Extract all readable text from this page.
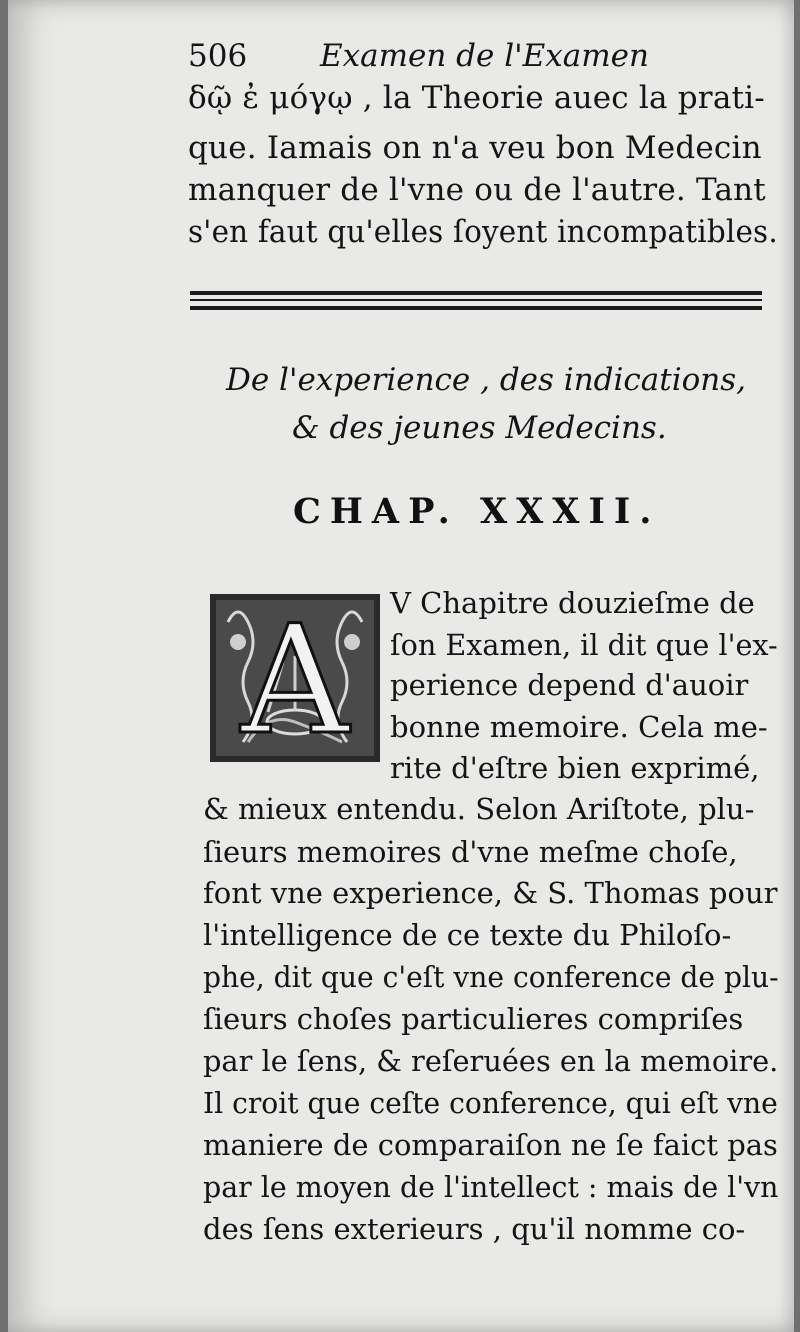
506 Examen de l'Examen
δῷ ἐ μόγῳ , la Theorie auec la prati-
que. Iamais on n'a veu bon Medecin
manquer de l'vne ou de l'autre. Tant
s'en faut qu'elles ſoyent incompatibles.
De l'experience , des indications,
& des jeunes Medecins.
CHAP. XXXII.
A V Chapitre douzieſme de
ſon Examen, il dit que l'ex-
perience depend d'auoir
bonne memoire. Cela me-
rite d'eſtre bien exprimé,
& mieux entendu. Selon Ariſtote, plu-
ſieurs memoires d'vne meſme choſe,
font vne experience, & S. Thomas pour
l'intelligence de ce texte du Philoſo-
phe, dit que c'eſt vne conference de plu-
ſieurs choſes particulieres compriſes
par le ſens, & reſeruées en la memoire.
Il croit que ceſte conference, qui eſt vne
maniere de comparaiſon ne ſe faict pas
par le moyen de l'intellect : mais de l'vn
des ſens exterieurs , qu'il nomme co-
